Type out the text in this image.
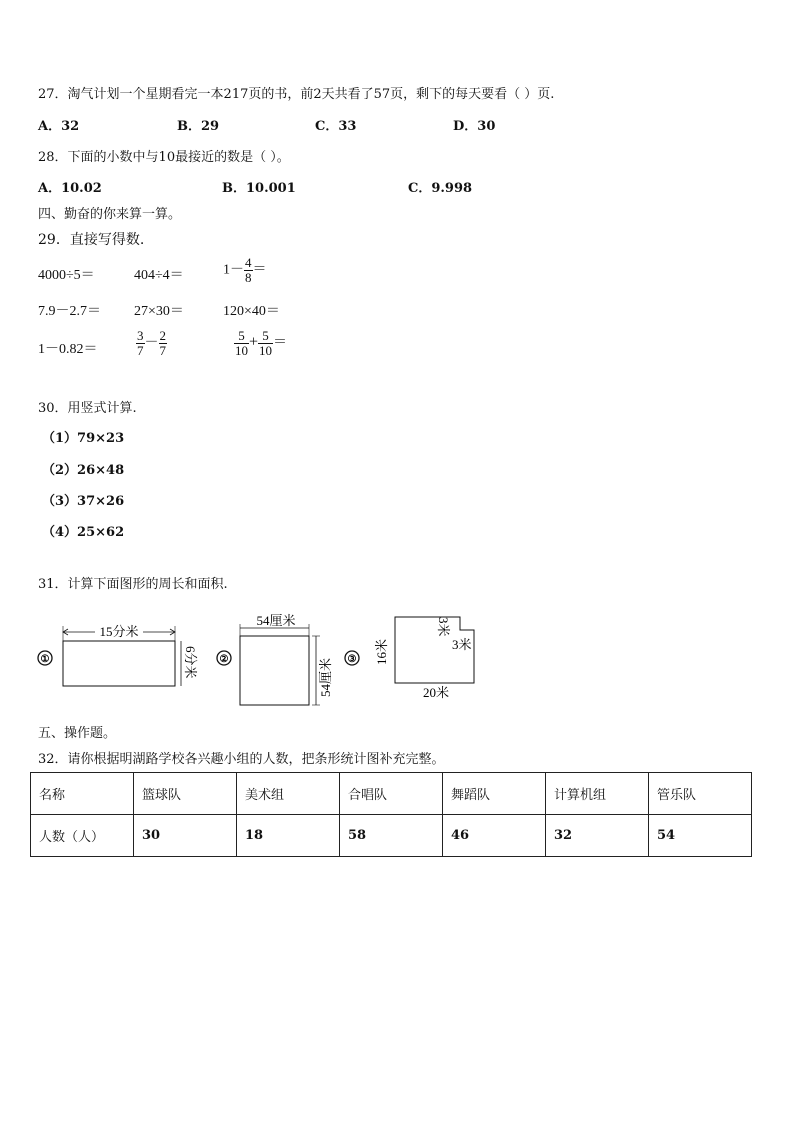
27．淘气计划一个星期看完一本217页的书，前2天共看了57页，剩下的每天要看（ ）页.
A．32	B．29	C．33	D．30
28．下面的小数中与10最接近的数是（ ）。
A．10.02	B．10.001	C．9.998
四、勤奋的你来算一算。
29．直接写得数.
4000÷5＝	404÷4＝	$1- \frac{4}{8}$ ＝
7.9－2.7＝ 27×30＝	120×40＝
1－0.82＝	$\frac{3}{7} - \frac{2}{7}$	$\frac{5}{10} + \frac{5}{10}$ ＝
30．用竖式计算.
（1）79×23
（2）26×48
（3）37×26
（4）25×62
31．计算下面图形的周长和面积.
①
15分米
6分米 ②
54厘米
54厘米 ③ 16米
3米
3米
20米
五、操作题。
32．请你根据明湖路学校各兴趣小组的人数，把条形统计图补充完整。
名称	篮球队	美术组	合唱队	舞蹈队	计算机组	管乐队
人数（人）	30	18	58	46	32	54
